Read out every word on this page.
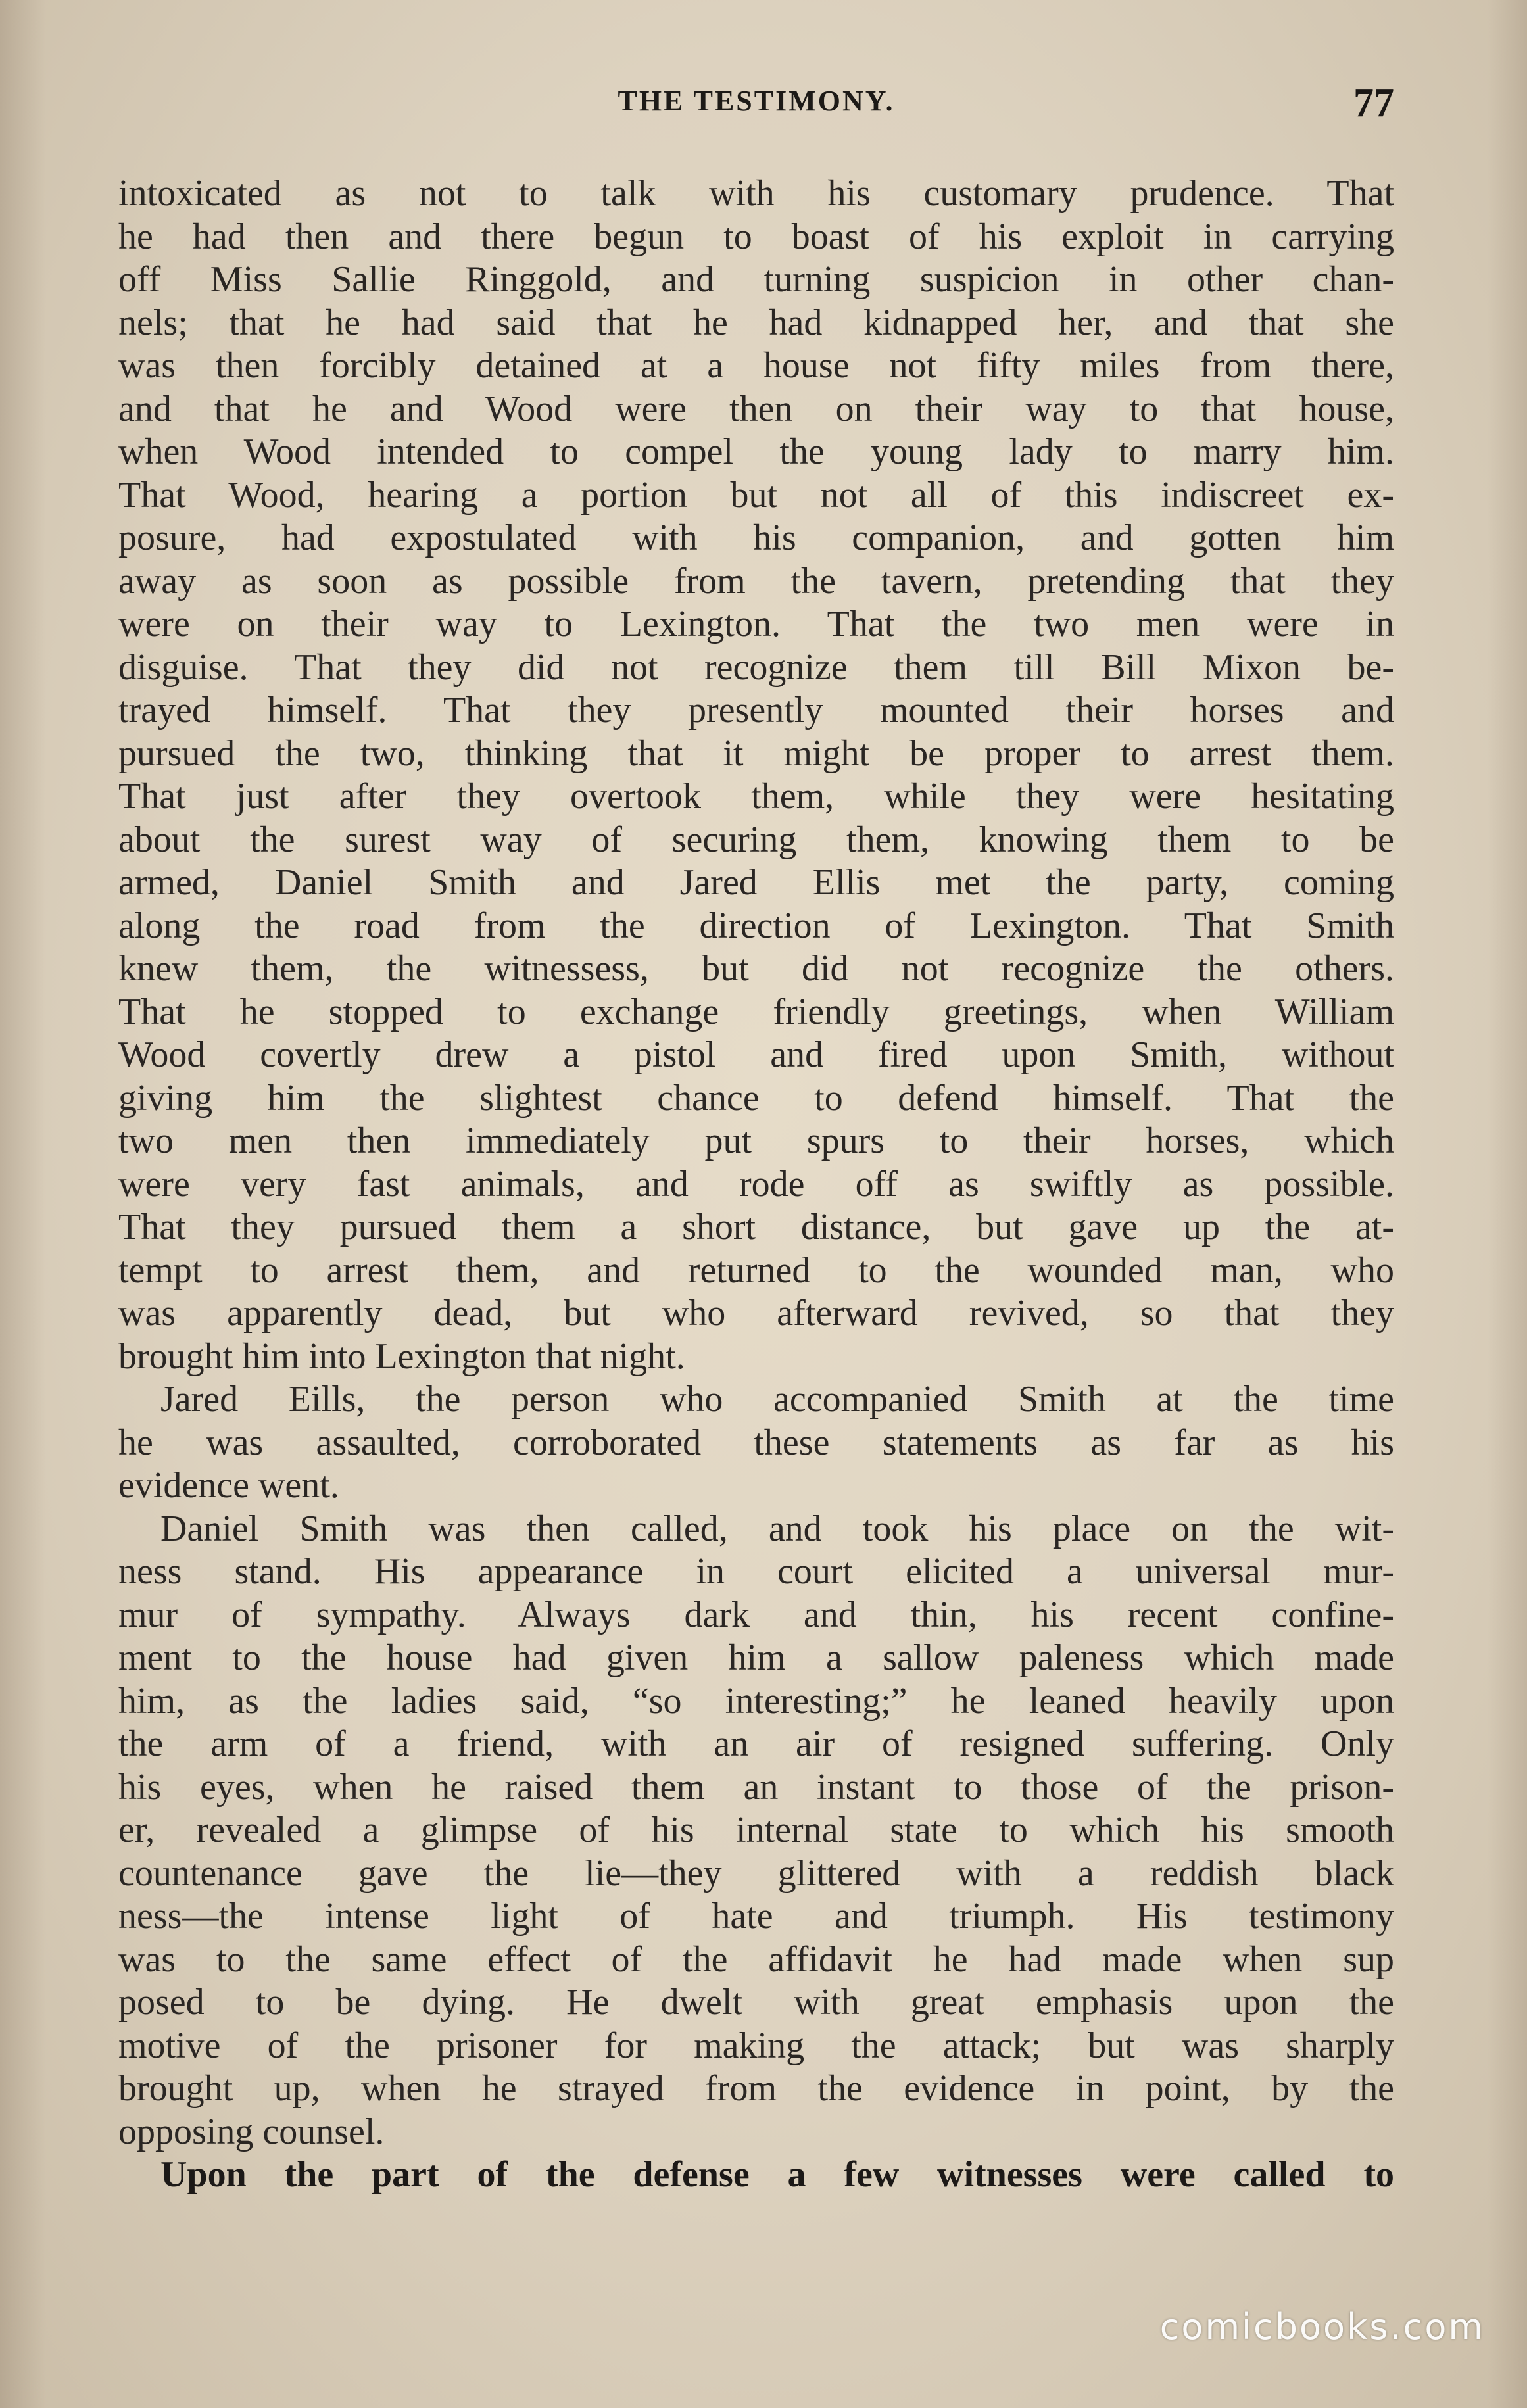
THE TESTIMONY.	77
intoxicated as not to talk with his customary prudence. That
he had then and there begun to boast of his exploit in carrying
off Miss Sallie Ringgold, and turning suspicion in other chan-
nels; that he had said that he had kidnapped her, and that she
was then forcibly detained at a house not fifty miles from there,
and that he and Wood were then on their way to that house,
when Wood intended to compel the young lady to marry him.
That Wood, hearing a portion but not all of this indiscreet ex-
posure, had expostulated with his companion, and gotten him
away as soon as possible from the tavern, pretending that they
were on their way to Lexington. That the two men were in
disguise. That they did not recognize them till Bill Mixon be-
trayed himself. That they presently mounted their horses and
pursued the two, thinking that it might be proper to arrest them.
That just after they overtook them, while they were hesitating
about the surest way of securing them, knowing them to be
armed, Daniel Smith and Jared Ellis met the party, coming
along the road from the direction of Lexington. That Smith
knew them, the witnessess, but did not recognize the others.
That he stopped to exchange friendly greetings, when William
Wood covertly drew a pistol and fired upon Smith, without
giving him the slightest chance to defend himself. That the
two men then immediately put spurs to their horses, which
were very fast animals, and rode off as swiftly as possible.
That they pursued them a short distance, but gave up the at-
tempt to arrest them, and returned to the wounded man, who
was apparently dead, but who afterward revived, so that they
brought him into Lexington that night.
Jared Eills, the person who accompanied Smith at the time
he was assaulted, corroborated these statements as far as his
evidence went.
Daniel Smith was then called, and took his place on the wit-
ness stand. His appearance in court elicited a universal mur-
mur of sympathy. Always dark and thin, his recent confine-
ment to the house had given him a sallow paleness which made
him, as the ladies said, “so interesting;” he leaned heavily upon
the arm of a friend, with an air of resigned suffering. Only
his eyes, when he raised them an instant to those of the prison-
er, revealed a glimpse of his internal state to which his smooth
countenance gave the lie—they glittered with a reddish black
ness—the intense light of hate and triumph. His testimony
was to the same effect of the affidavit he had made when sup
posed to be dying. He dwelt with great emphasis upon the
motive of the prisoner for making the attack; but was sharply
brought up, when he strayed from the evidence in point, by the
opposing counsel.
Upon the part of the defense a few witnesses were called to
comicbooks.com
